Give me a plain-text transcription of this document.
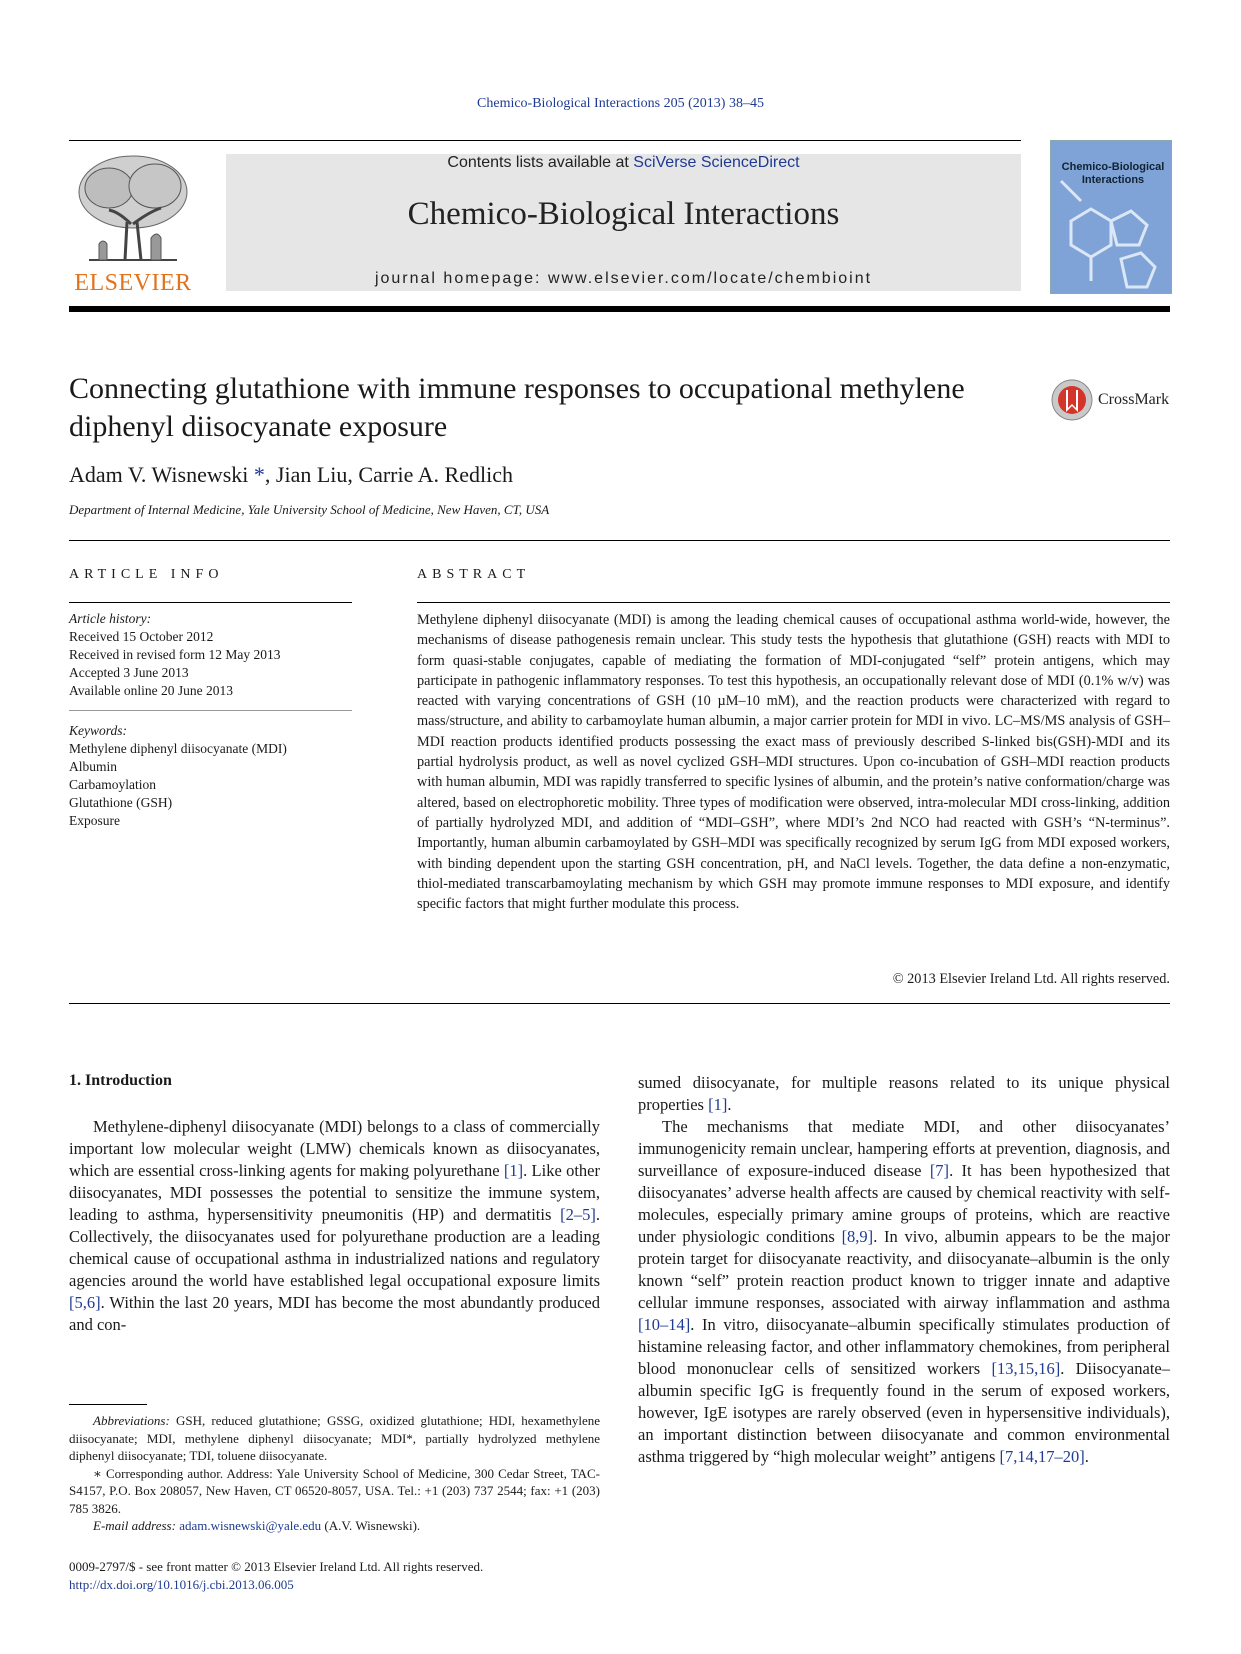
Chemico-Biological Interactions 205 (2013) 38–45
ELSEVIER
Contents lists available at SciVerse ScienceDirect
Chemico-Biological Interactions
journal homepage: www.elsevier.com/locate/chembioint
Chemico-Biological Interactions
Connecting glutathione with immune responses to occupational methylene diphenyl diisocyanate exposure
CrossMark
Adam V. Wisnewski *, Jian Liu, Carrie A. Redlich
Department of Internal Medicine, Yale University School of Medicine, New Haven, CT, USA
ARTICLE INFO	ABSTRACT
Article history:
Received 15 October 2012
Received in revised form 12 May 2013
Accepted 3 June 2013
Available online 20 June 2013
Keywords:
Methylene diphenyl diisocyanate (MDI)
Albumin
Carbamoylation
Glutathione (GSH)
Exposure
Methylene diphenyl diisocyanate (MDI) is among the leading chemical causes of occupational asthma world-wide, however, the mechanisms of disease pathogenesis remain unclear. This study tests the hypothesis that glutathione (GSH) reacts with MDI to form quasi-stable conjugates, capable of mediating the formation of MDI-conjugated “self” protein antigens, which may participate in pathogenic inflammatory responses. To test this hypothesis, an occupationally relevant dose of MDI (0.1% w/v) was reacted with varying concentrations of GSH (10 µM–10 mM), and the reaction products were characterized with regard to mass/structure, and ability to carbamoylate human albumin, a major carrier protein for MDI in vivo. LC–MS/MS analysis of GSH–MDI reaction products identified products possessing the exact mass of previously described S-linked bis(GSH)-MDI and its partial hydrolysis product, as well as novel cyclized GSH–MDI structures. Upon co-incubation of GSH–MDI reaction products with human albumin, MDI was rapidly transferred to specific lysines of albumin, and the protein’s native conformation/charge was altered, based on electrophoretic mobility. Three types of modification were observed, intra-molecular MDI cross-linking, addition of partially hydrolyzed MDI, and addition of “MDI–GSH”, where MDI’s 2nd NCO had reacted with GSH’s “N-terminus”. Importantly, human albumin carbamoylated by GSH–MDI was specifically recognized by serum IgG from MDI exposed workers, with binding dependent upon the starting GSH concentration, pH, and NaCl levels. Together, the data define a non-enzymatic, thiol-mediated transcarbamoylating mechanism by which GSH may promote immune responses to MDI exposure, and identify specific factors that might further modulate this process.
© 2013 Elsevier Ireland Ltd. All rights reserved.
1. Introduction

Methylene-diphenyl diisocyanate (MDI) belongs to a class of commercially important low molecular weight (LMW) chemicals known as diisocyanates, which are essential cross-linking agents for making polyurethane [1]. Like other diisocyanates, MDI possesses the potential to sensitize the immune system, leading to asthma, hypersensitivity pneumonitis (HP) and dermatitis [2–5]. Collectively, the diisocyanates used for polyurethane production are a leading chemical cause of occupational asthma in industrialized nations and regulatory agencies around the world have established legal occupational exposure limits [5,6]. Within the last 20 years, MDI has become the most abundantly produced and con-

sumed diisocyanate, for multiple reasons related to its unique physical properties [1].

The mechanisms that mediate MDI, and other diisocyanates’ immunogenicity remain unclear, hampering efforts at prevention, diagnosis, and surveillance of exposure-induced disease [7]. It has been hypothesized that diisocyanates’ adverse health affects are caused by chemical reactivity with self-molecules, especially primary amine groups of proteins, which are reactive under physiologic conditions [8,9]. In vivo, albumin appears to be the major protein target for diisocyanate reactivity, and diisocyanate–albumin is the only known “self” protein reaction product known to trigger innate and adaptive cellular immune responses, associated with airway inflammation and asthma [10–14]. In vitro, diisocyanate–albumin specifically stimulates production of histamine releasing factor, and other inflammatory chemokines, from peripheral blood mononuclear cells of sensitized workers [13,15,16]. Diisocyanate–albumin specific IgG is frequently found in the serum of exposed workers, however, IgE isotypes are rarely observed (even in hypersensitive individuals), an important distinction between diisocyanate and common environmental asthma triggered by “high molecular weight” antigens [7,14,17–20].

Abbreviations: GSH, reduced glutathione; GSSG, oxidized glutathione; HDI, hexamethylene diisocyanate; MDI, methylene diphenyl diisocyanate; MDI*, partially hydrolyzed methylene diphenyl diisocyanate; TDI, toluene diisocyanate.

∗ Corresponding author. Address: Yale University School of Medicine, 300 Cedar Street, TAC-S4157, P.O. Box 208057, New Haven, CT 06520-8057, USA. Tel.: +1 (203) 737 2544; fax: +1 (203) 785 3826.

E-mail address: adam.wisnewski@yale.edu (A.V. Wisnewski).

0009-2797/$ - see front matter © 2013 Elsevier Ireland Ltd. All rights reserved.
http://dx.doi.org/10.1016/j.cbi.2013.06.005
